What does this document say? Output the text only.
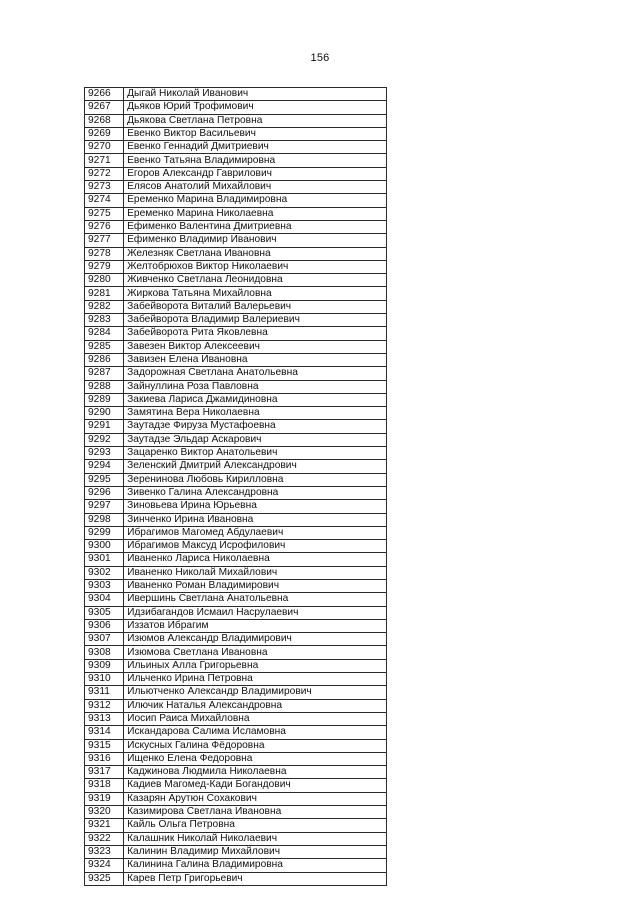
156
9266	Дыгай Николай Иванович
9267	Дьяков Юрий Трофимович
9268	Дьякова Светлана Петровна
9269	Евенко Виктор Васильевич
9270	Евенко Геннадий Дмитриевич
9271	Евенко Татьяна Владимировна
9272	Егоров Александр Гаврилович
9273	Елясов Анатолий Михайлович
9274	Еременко Марина Владимировна
9275	Еременко Марина Николаевна
9276	Ефименко Валентина Дмитриевна
9277	Ефименко Владимир Иванович
9278	Железняк Светлана Ивановна
9279	Желтобрюхов Виктор Николаевич
9280	Живченко Светлана Леонидовна
9281	Жиркова Татьяна Михайловна
9282	Забейворота Виталий Валерьевич
9283	Забейворота Владимир Валериевич
9284	Забейворота Рита Яковлевна
9285	Завезен Виктор Алексеевич
9286	Завизен Елена Ивановна
9287	Задорожная Светлана Анатольевна
9288	Зайнуллина Роза Павловна
9289	Закиева Лариса Джамидиновна
9290	Замятина Вера Николаевна
9291	Заутадзе Фируза Мустафоевна
9292	Заутадзе Эльдар Аскарович
9293	Зацаренко Виктор Анатольевич
9294	Зеленский Дмитрий Александрович
9295	Зеренинова Любовь Кирилловна
9296	Зивенко Галина Александровна
9297	Зиновьева Ирина Юрьевна
9298	Зинченко Ирина Ивановна
9299	Ибрагимов Магомед Абдулаевич
9300	Ибрагимов Максуд Исрофилович
9301	Иваненко Лариса Николаевна
9302	Иваненко Николай Михайлович
9303	Иваненко Роман Владимирович
9304	Ивершинь Светлана Анатольевна
9305	Идзибагандов Исмаил Насрулаевич
9306	Иззатов Ибрагим
9307	Изюмов Александр Владимирович
9308	Изюмова Светлана Ивановна
9309	Ильиных Алла Григорьевна
9310	Ильченко Ирина Петровна
9311	Ильютченко Александр Владимирович
9312	Илючик Наталья Александровна
9313	Иосип Раиса Михайловна
9314	Искандарова Салима Исламовна
9315	Искусных Галина Фёдоровна
9316	Ищенко Елена Федоровна
9317	Каджинова Людмила Николаевна
9318	Кадиев Магомед-Кади Богандович
9319	Казарян Арутюн Сохакович
9320	Казимирова Светлана Ивановна
9321	Кайль Ольга Петровна
9322	Калашник Николай Николаевич
9323	Калинин Владимир Михайлович
9324	Калинина Галина Владимировна
9325	Карев Петр Григорьевич
